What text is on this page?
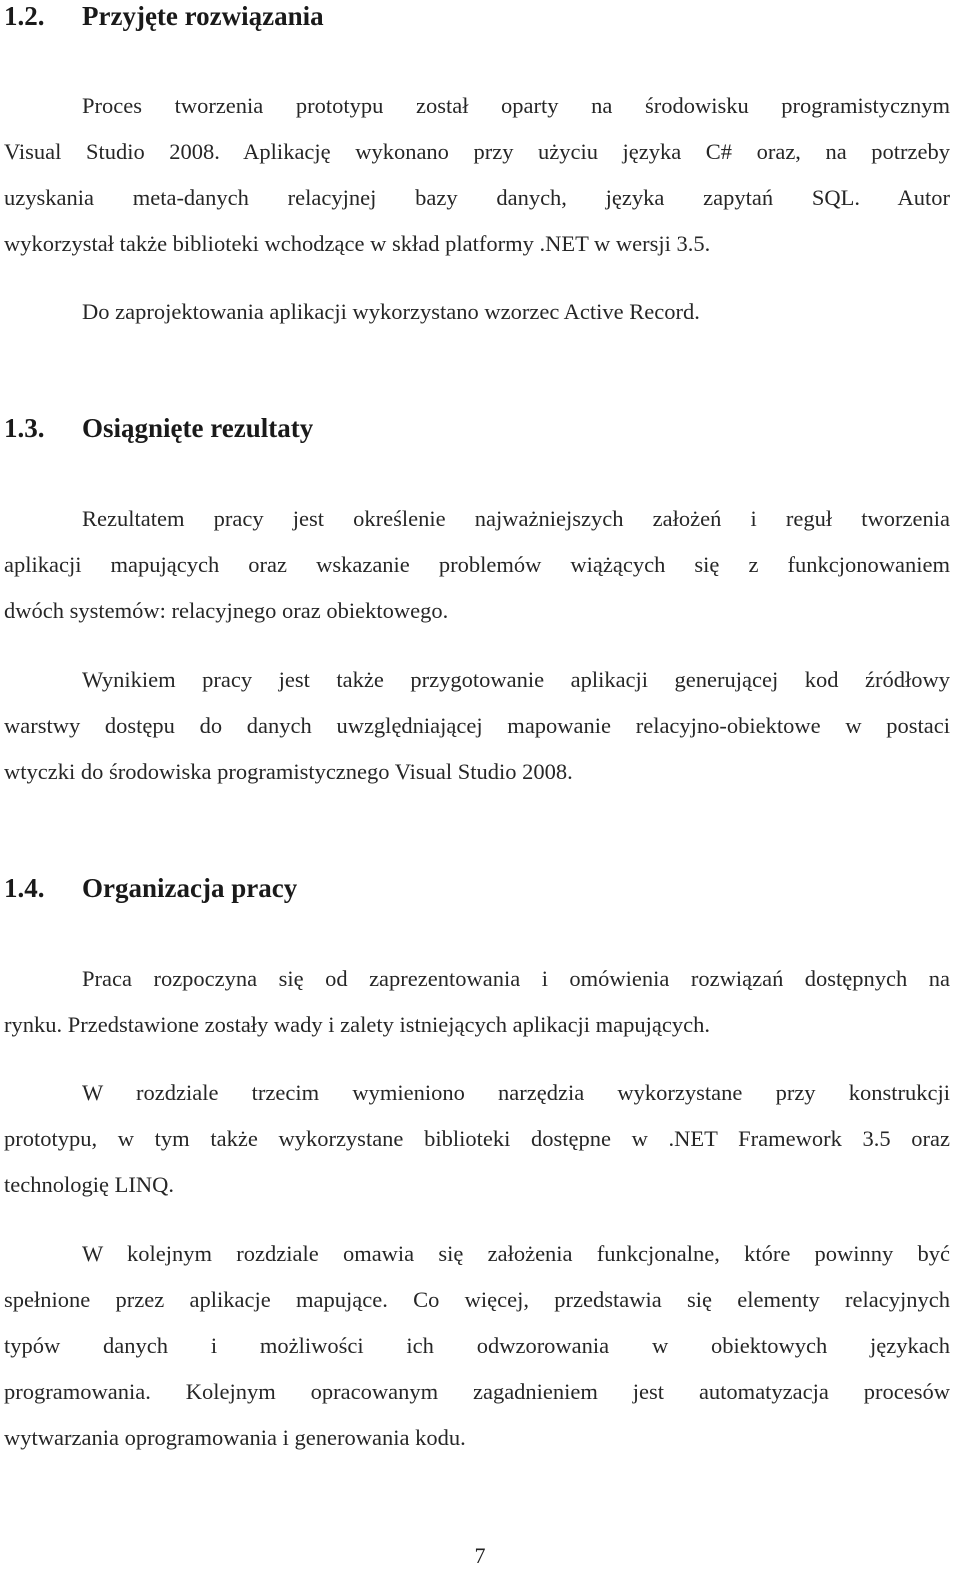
1.2. Przyjęte rozwiązania
Proces tworzenia prototypu został oparty na środowisku programistycznym
Visual Studio 2008. Aplikację wykonano przy użyciu języka C# oraz, na potrzeby
uzyskania meta-danych relacyjnej bazy danych, języka zapytań SQL. Autor
wykorzystał także biblioteki wchodzące w skład platformy .NET w wersji 3.5.
Do zaprojektowania aplikacji wykorzystano wzorzec Active Record.
1.3. Osiągnięte rezultaty
Rezultatem pracy jest określenie najważniejszych założeń i reguł tworzenia
aplikacji mapujących oraz wskazanie problemów wiążących się z funkcjonowaniem
dwóch systemów: relacyjnego oraz obiektowego.
Wynikiem pracy jest także przygotowanie aplikacji generującej kod źródłowy
warstwy dostępu do danych uwzględniającej mapowanie relacyjno-obiektowe w postaci
wtyczki do środowiska programistycznego Visual Studio 2008.
1.4. Organizacja pracy
Praca rozpoczyna się od zaprezentowania i omówienia rozwiązań dostępnych na
rynku. Przedstawione zostały wady i zalety istniejących aplikacji mapujących.
W rozdziale trzecim wymieniono narzędzia wykorzystane przy konstrukcji
prototypu, w tym także wykorzystane biblioteki dostępne w .NET Framework 3.5 oraz
technologię LINQ.
W kolejnym rozdziale omawia się założenia funkcjonalne, które powinny być
spełnione przez aplikacje mapujące. Co więcej, przedstawia się elementy relacyjnych
typów danych i możliwości ich odwzorowania w obiektowych językach
programowania. Kolejnym opracowanym zagadnieniem jest automatyzacja procesów
wytwarzania oprogramowania i generowania kodu.
7
